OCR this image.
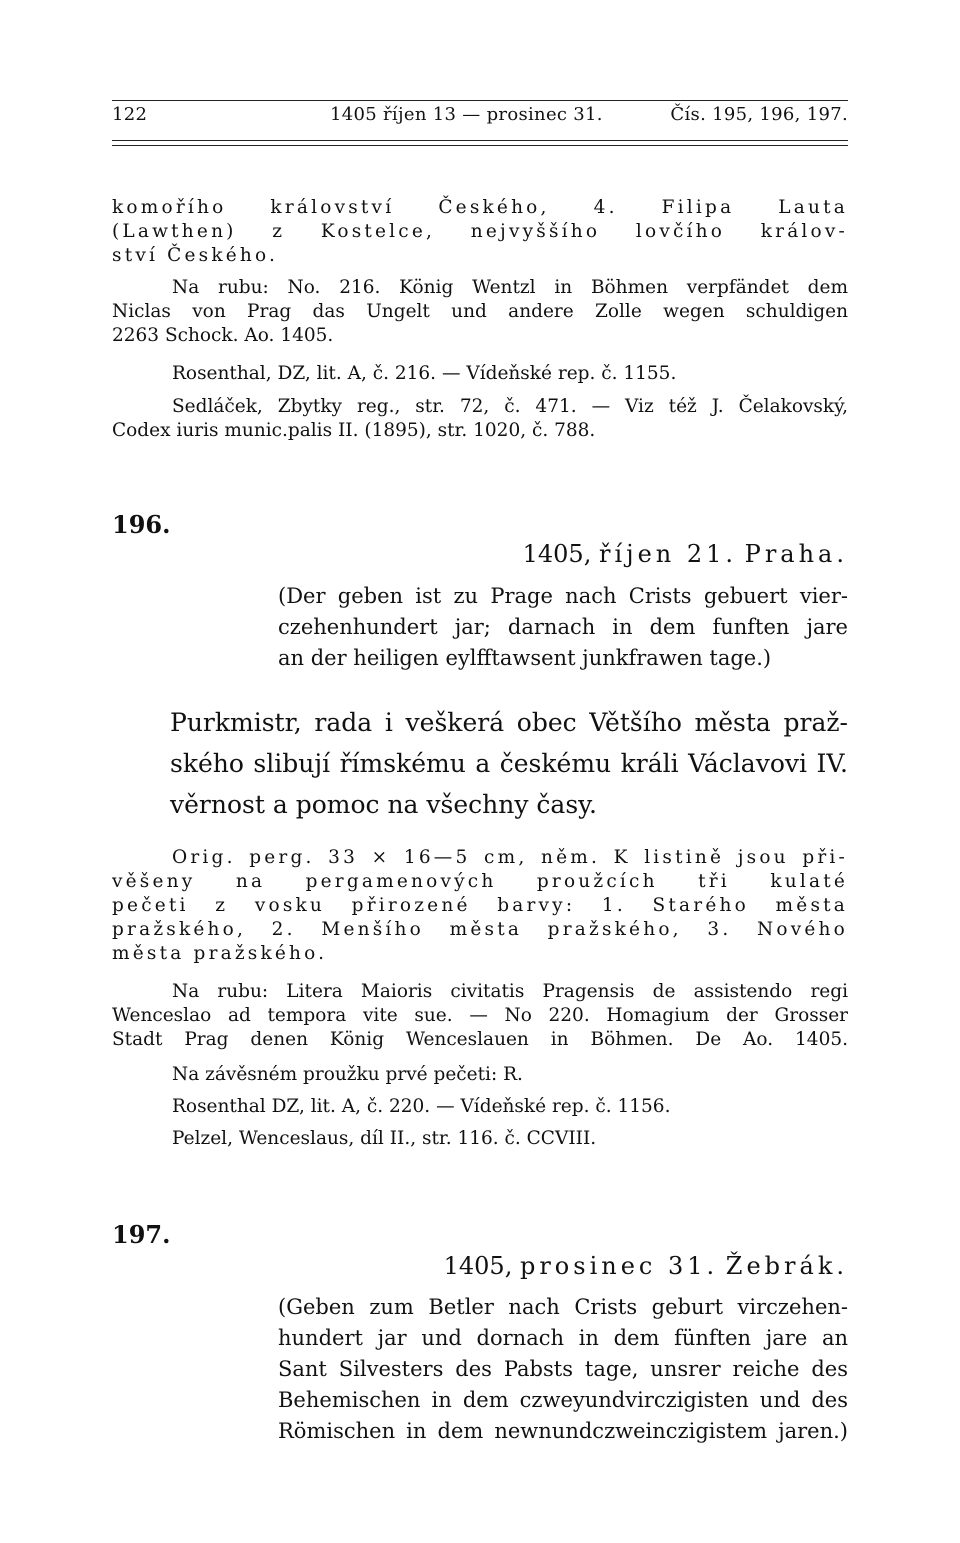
122	1405 říjen 13 — prosinec 31.	Čís. 195, 196, 197.
komořího království Českého, 4. Filipa Lauta
(Lawthen) z Kostelce, nejvyššího lovčího králov-
ství Českého.
Na rubu: No. 216. König Wentzl in Böhmen verpfändet dem
Niclas von Prag das Ungelt und andere Zolle wegen schuldigen
2263 Schock. Ao. 1405.
Rosenthal, DZ, lit. A, č. 216. — Vídeňské rep. č. 1155.
Sedláček, Zbytky reg., str. 72, č. 471. — Viz též J. Čelakovský,
Codex iuris munic.palis II. (1895), str. 1020, č. 788.
196.
1405, říjen 21. Praha.
(Der geben ist zu Prage nach Crists gebuert vier-
czehenhundert jar; darnach in dem funften jare
an der heiligen eylfftawsent junkfrawen tage.)
Purkmistr, rada i veškerá obec Většího města praž-
ského slibují římskému a českému králi Václavovi IV.
věrnost a pomoc na všechny časy.
Orig. perg. 33 × 16—5 cm, něm. K listině jsou při-
věšeny na pergamenových proužcích tři kulaté
pečeti z vosku přirozené barvy: 1. Starého města
pražského, 2. Menšího města pražského, 3. Nového
města pražského.
Na rubu: Litera Maioris civitatis Pragensis de assistendo regi
Wenceslao ad tempora vite sue. — No 220. Homagium der Grosser
Stadt Prag denen König Wenceslauen in Böhmen. De Ao. 1405.
Na závěsném proužku prvé pečeti: R.
Rosenthal DZ, lit. A, č. 220. — Vídeňské rep. č. 1156.
Pelzel, Wenceslaus, díl II., str. 116. č. CCVIII.
197.
1405, prosinec 31. Žebrák.
(Geben zum Betler nach Crists geburt virczehen-
hundert jar und dornach in dem fünften jare an
Sant Silvesters des Pabsts tage, unsrer reiche des
Behemischen in dem czweyundvirczigisten und des
Römischen in dem newnundczweinczigistem jaren.)
